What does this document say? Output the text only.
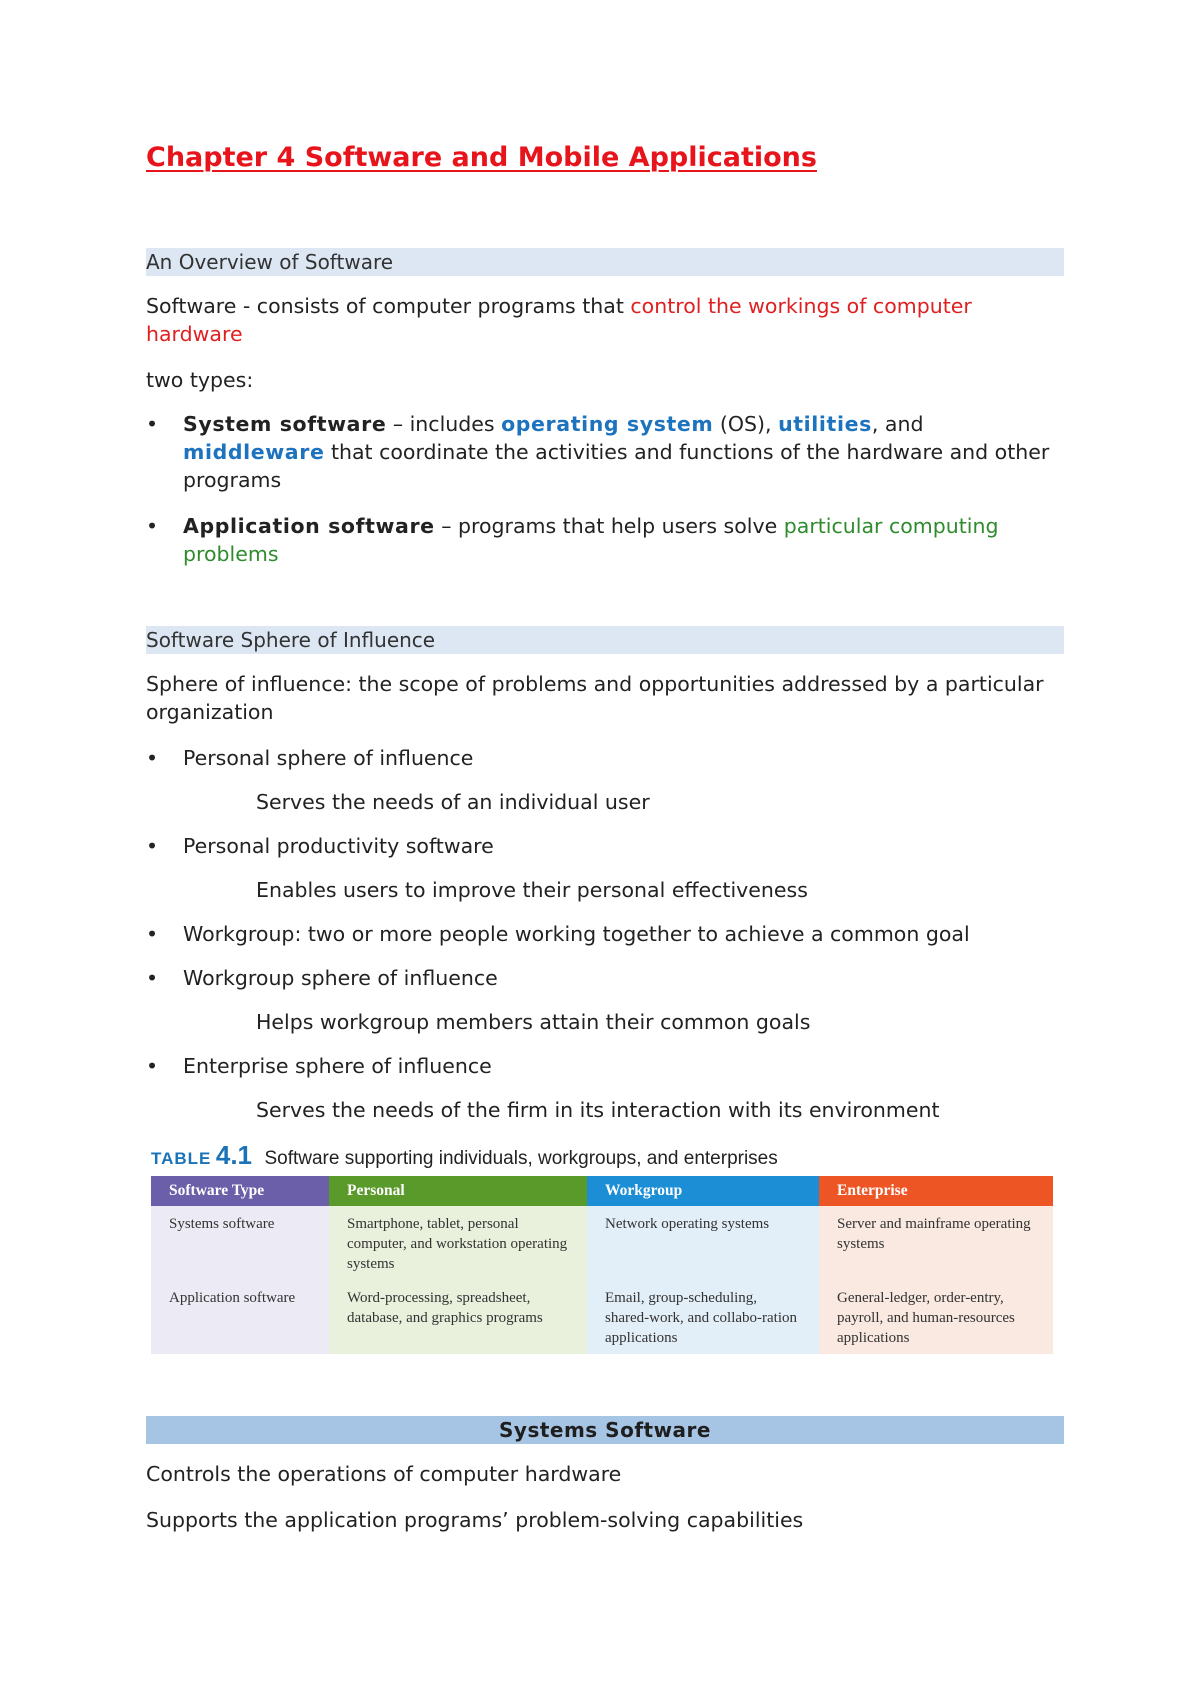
Chapter 4 Software and Mobile Applications
An Overview of Software

Software - consists of computer programs that control the workings of computer hardware

two types:

•	System software – includes operating system (OS), utilities, and middleware that coordinate the activities and functions of the hardware and other programs
•	Application software – programs that help users solve particular computing problems
Software Sphere of Influence

Sphere of influence: the scope of problems and opportunities addressed by a particular organization

•	Personal sphere of influence
Serves the needs of an individual user
•	Personal productivity software
Enables users to improve their personal effectiveness
•	Workgroup: two or more people working together to achieve a common goal
•	Workgroup sphere of influence
Helps workgroup members attain their common goals
•	Enterprise sphere of influence
Serves the needs of the firm in its interaction with its environment
Systems Software

Controls the operations of computer hardware

Supports the application programs’ problem-solving capabilities

TABLE 4.1 Software supporting individuals, workgroups, and enterprises
Software Type	Personal	Workgroup	Enterprise
Systems software	Smartphone, tablet, personal computer, and workstation operating systems	Network operating systems	Server and mainframe operating systems
Application software	Word-processing, spreadsheet, database, and graphics programs	Email, group-scheduling, shared-work, and collabo-ration applications	General-ledger, order-entry, payroll, and human-resources applications
